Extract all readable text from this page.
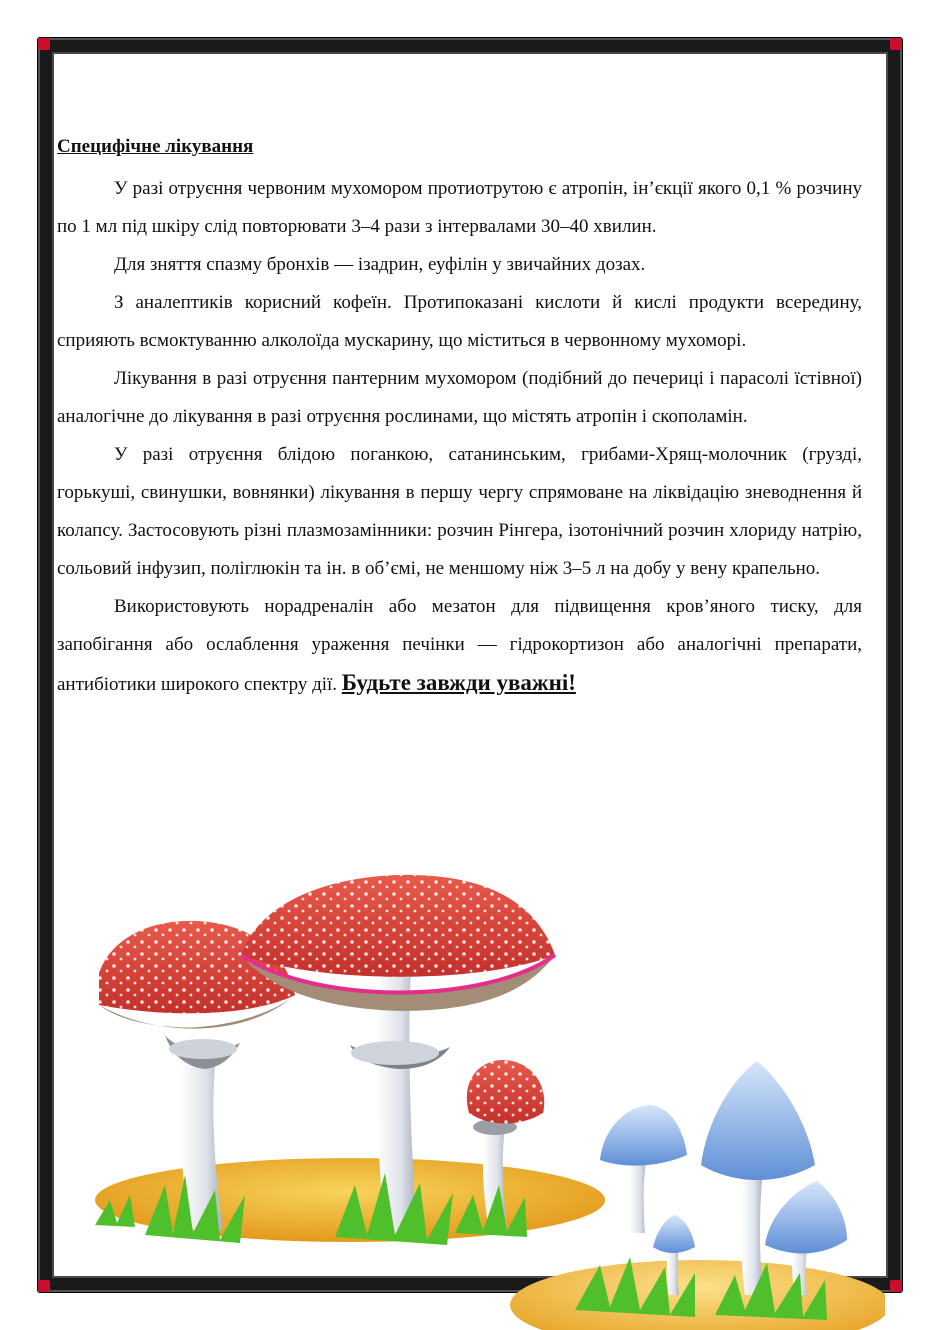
Специфічне лікування

У разі отруєння червоним мухомором протиотрутою є атропін, ін’єкції якого 0,1 % розчину по 1 мл під шкіру слід повторювати 3–4 рази з інтервалами 30–40 хвилин.

Для зняття спазму бронхів — ізадрин, еуфілін у звичайних дозах.

З аналептиків корисний кофеїн. Протипоказані кислоти й кислі продукти всередину, сприяють всмоктуванню алколоїда мускарину, що міститься в червонному мухоморі.

Лікування в разі отруєння пантерним мухомором (подібний до печериці і парасолі їстівної) аналогічне до лікування в разі отруєння рослинами, що містять атропін і скополамін.

У разі отруєння блідою поганкою, сатанинським, грибами-Хрящ-молочник (грузді, горькуші, свинушки, вовнянки) лікування в першу чергу спрямоване на ліквідацію зневоднення й колапсу. Застосовують різні плазмозамінники: розчин Рінгера, ізотонічний розчин хлориду натрію, сольовий інфузип, поліглюкін та ін. в об’ємі, не меншому ніж 3–5 л на добу у вену крапельно.

Використовують норадреналін або мезатон для підвищення кров’яного тиску, для запобігання або ослаблення ураження печінки — гідрокортизон або аналогічні препарати, антибіотики широкого спектру дії. Будьте завжди уважні!
